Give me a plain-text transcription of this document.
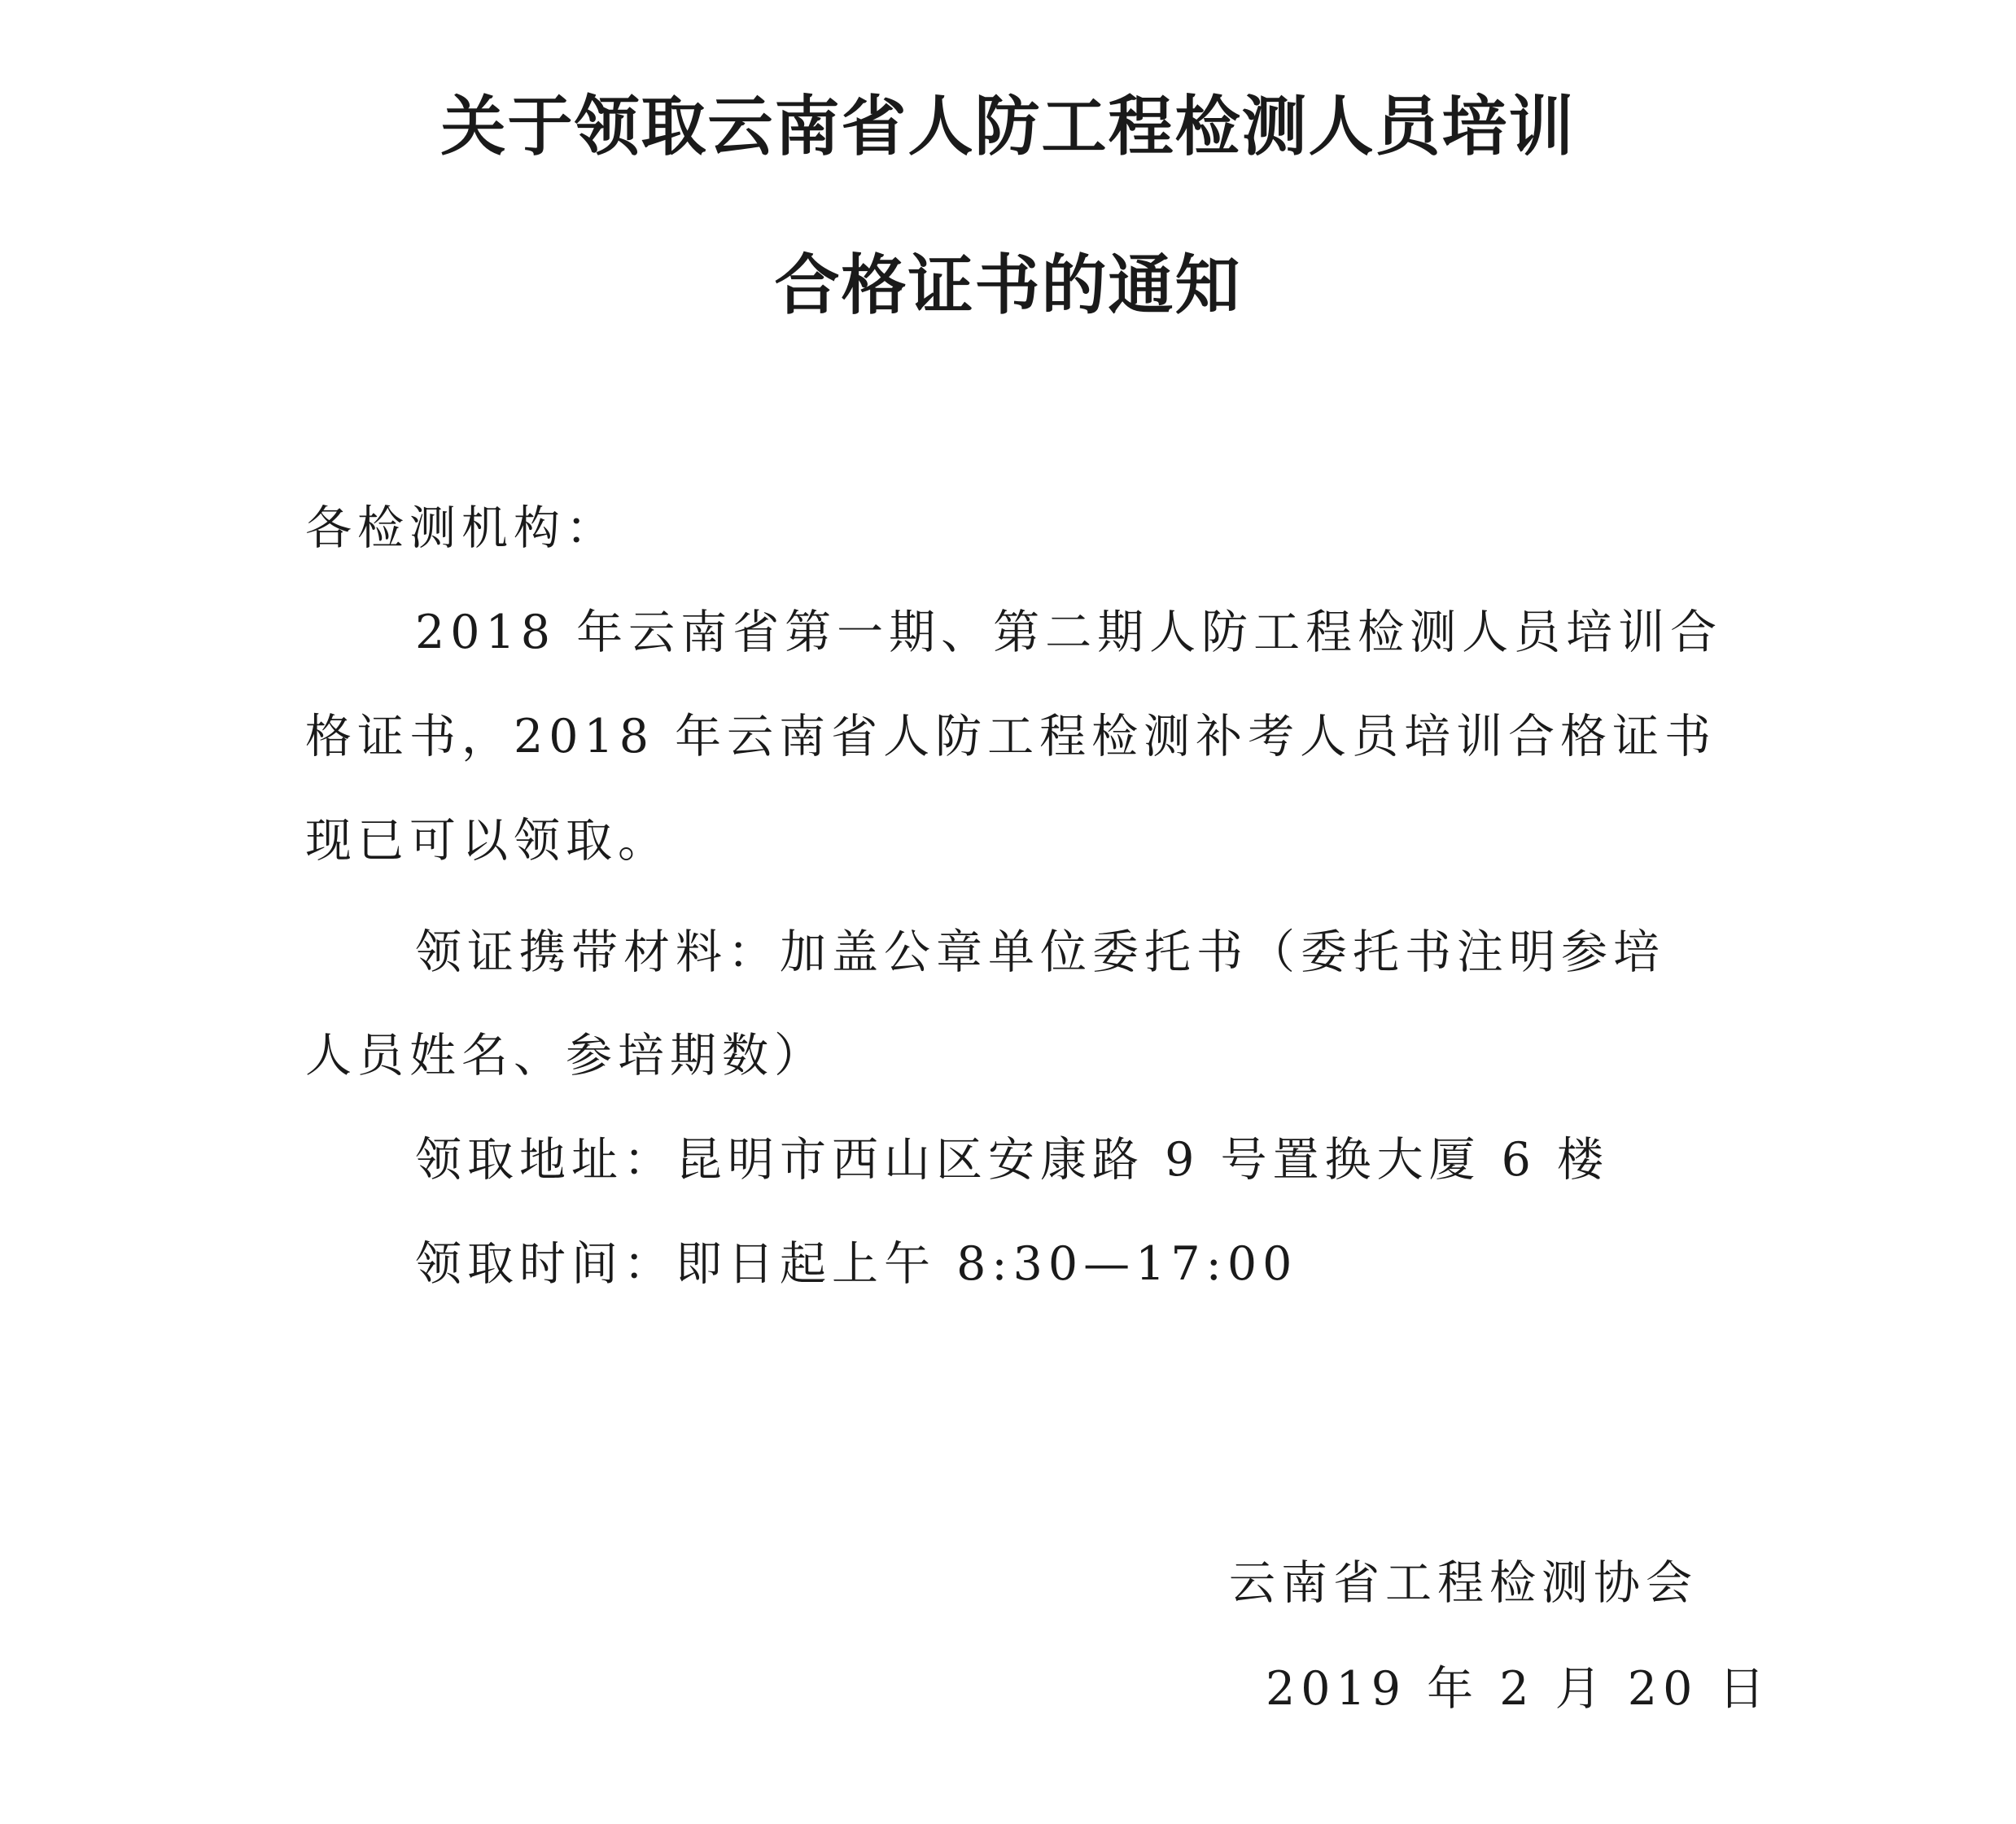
关于领取云南省人防工程检测人员培训
合格证书的通知
各检测机构：
2018 年云南省第一期、第二期人防工程检测人员培训合
格证书，2018 年云南省人防工程检测补考人员培训合格证书
现已可以领取。
领证携带材料：加盖公章单位委托书（委托书注明参培
人员姓名、参培期数）
领取地址：昆明市西山区安康路 9 号置换大厦 6 楼
领取时间：即日起上午 8:30—17:00
云南省工程检测协会
2019 年 2 月 20 日
